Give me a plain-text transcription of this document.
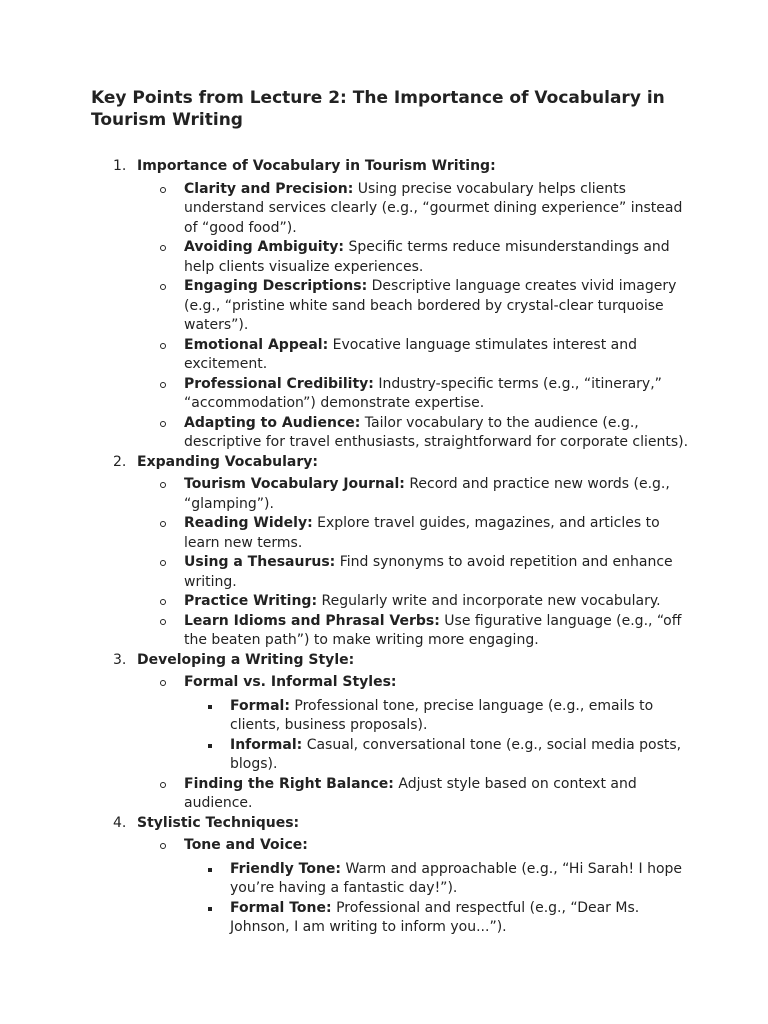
Key Points from Lecture 2: The Importance of Vocabulary in Tourism Writing
1. Importance of Vocabulary in Tourism Writing:
Clarity and Precision: Using precise vocabulary helps clients understand services clearly (e.g., “gourmet dining experience” instead of “good food”).
Avoiding Ambiguity: Specific terms reduce misunderstandings and help clients visualize experiences.
Engaging Descriptions: Descriptive language creates vivid imagery (e.g., “pristine white sand beach bordered by crystal-clear turquoise waters”).
Emotional Appeal: Evocative language stimulates interest and excitement.
Professional Credibility: Industry-specific terms (e.g., “itinerary,” “accommodation”) demonstrate expertise.
Adapting to Audience: Tailor vocabulary to the audience (e.g., descriptive for travel enthusiasts, straightforward for corporate clients).
2. Expanding Vocabulary:
Tourism Vocabulary Journal: Record and practice new words (e.g., “glamping”).
Reading Widely: Explore travel guides, magazines, and articles to learn new terms.
Using a Thesaurus: Find synonyms to avoid repetition and enhance writing.
Practice Writing: Regularly write and incorporate new vocabulary.
Learn Idioms and Phrasal Verbs: Use figurative language (e.g., “off the beaten path”) to make writing more engaging.
3. Developing a Writing Style:
Formal vs. Informal Styles:
Formal: Professional tone, precise language (e.g., emails to clients, business proposals).
Informal: Casual, conversational tone (e.g., social media posts, blogs).
Finding the Right Balance: Adjust style based on context and audience.
4. Stylistic Techniques:
Tone and Voice:
Friendly Tone: Warm and approachable (e.g., “Hi Sarah! I hope you’re having a fantastic day!”).
Formal Tone: Professional and respectful (e.g., “Dear Ms. Johnson, I am writing to inform you...”).
